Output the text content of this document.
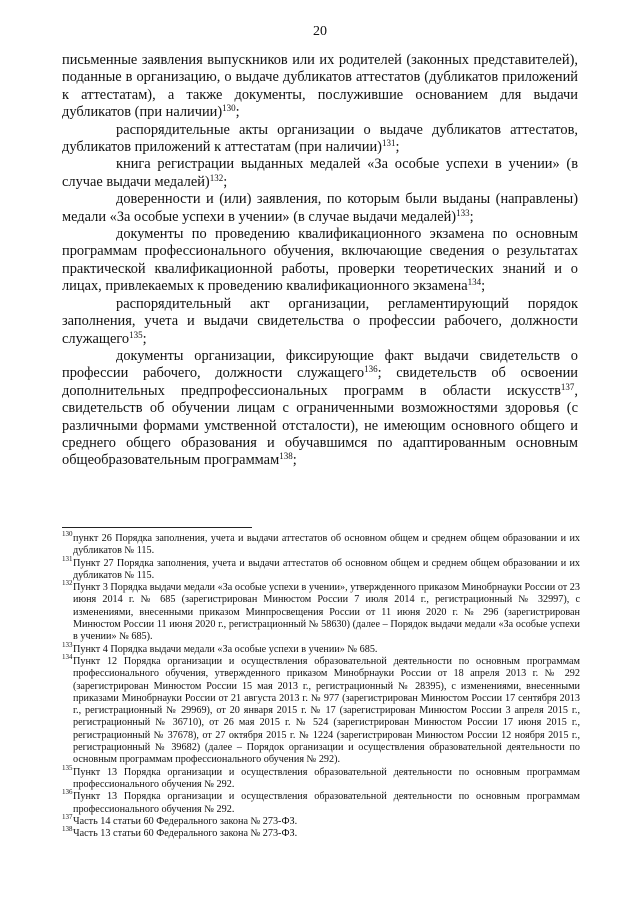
20

письменные заявления выпускников или их родителей (законных представителей), поданные в организацию, о выдаче дубликатов аттестатов (дубликатов приложений к аттестатам), а также документы, послужившие основанием для выдачи дубликатов (при наличии)$^{130}$;

распорядительные акты организации о выдаче дубликатов аттестатов, дубликатов приложений к аттестатам (при наличии)$^{131}$;

книга регистрации выданных медалей «За особые успехи в учении» (в случае выдачи медалей)$^{132}$;

доверенности и (или) заявления, по которым были выданы (направлены) медали «За особые успехи в учении» (в случае выдачи медалей)$^{133}$;

документы по проведению квалификационного экзамена по основным программам профессионального обучения, включающие сведения о результатах практической квалификационной работы, проверки теоретических знаний и о лицах, привлекаемых к проведению квалификационного экзамена$^{134}$;

распорядительный акт организации, регламентирующий порядок заполнения, учета и выдачи свидетельства о профессии рабочего, должности служащего$^{135}$;

документы организации, фиксирующие факт выдачи свидетельств о профессии рабочего, должности служащего$^{136}$; свидетельств об освоении дополнительных предпрофессиональных программ в области искусств$^{137}$, свидетельств об обучении лицам с ограниченными возможностями здоровья (с различными формами умственной отсталости), не имеющим основного общего и среднего общего образования и обучавшимся по адаптированным основным общеобразовательным программам$^{138}$;

130 пункт 26 Порядка заполнения, учета и выдачи аттестатов об основном общем и среднем общем образовании и их дубликатов № 115.
131 Пункт 27 Порядка заполнения, учета и выдачи аттестатов об основном общем и среднем общем образовании и их дубликатов № 115.
132 Пункт 3 Порядка выдачи медали «За особые успехи в учении», утвержденного приказом Минобрнауки России от 23 июня 2014 г. № 685 (зарегистрирован Минюстом России 7 июля 2014 г., регистрационный № 32997), с изменениями, внесенными приказом Минпросвещения России от 11 июня 2020 г. № 296 (зарегистрирован Минюстом России 11 июня 2020 г., регистрационный № 58630) (далее – Порядок выдачи медали «За особые успехи в учении» № 685).
133 Пункт 4 Порядка выдачи медали «За особые успехи в учении» № 685.
134 Пункт 12 Порядка организации и осуществления образовательной деятельности по основным программам профессионального обучения, утвержденного приказом Минобрнауки России от 18 апреля 2013 г. № 292 (зарегистрирован Минюстом России 15 мая 2013 г., регистрационный № 28395), с изменениями, внесенными приказами Минобрнауки России от 21 августа 2013 г. № 977 (зарегистрирован Минюстом России 17 сентября 2013 г., регистрационный № 29969), от 20 января 2015 г. № 17 (зарегистрирован Минюстом России 3 апреля 2015 г., регистрационный № 36710), от 26 мая 2015 г. № 524 (зарегистрирован Минюстом России 17 июня 2015 г., регистрационный № 37678), от 27 октября 2015 г. № 1224 (зарегистрирован Минюстом России 12 ноября 2015 г., регистрационный № 39682) (далее – Порядок организации и осуществления образовательной деятельности по основным программам профессионального обучения № 292).
135 Пункт 13 Порядка организации и осуществления образовательной деятельности по основным программам профессионального обучения № 292.
136 Пункт 13 Порядка организации и осуществления образовательной деятельности по основным программам профессионального обучения № 292.
137 Часть 14 статьи 60 Федерального закона № 273-ФЗ.
138 Часть 13 статьи 60 Федерального закона № 273-ФЗ.
